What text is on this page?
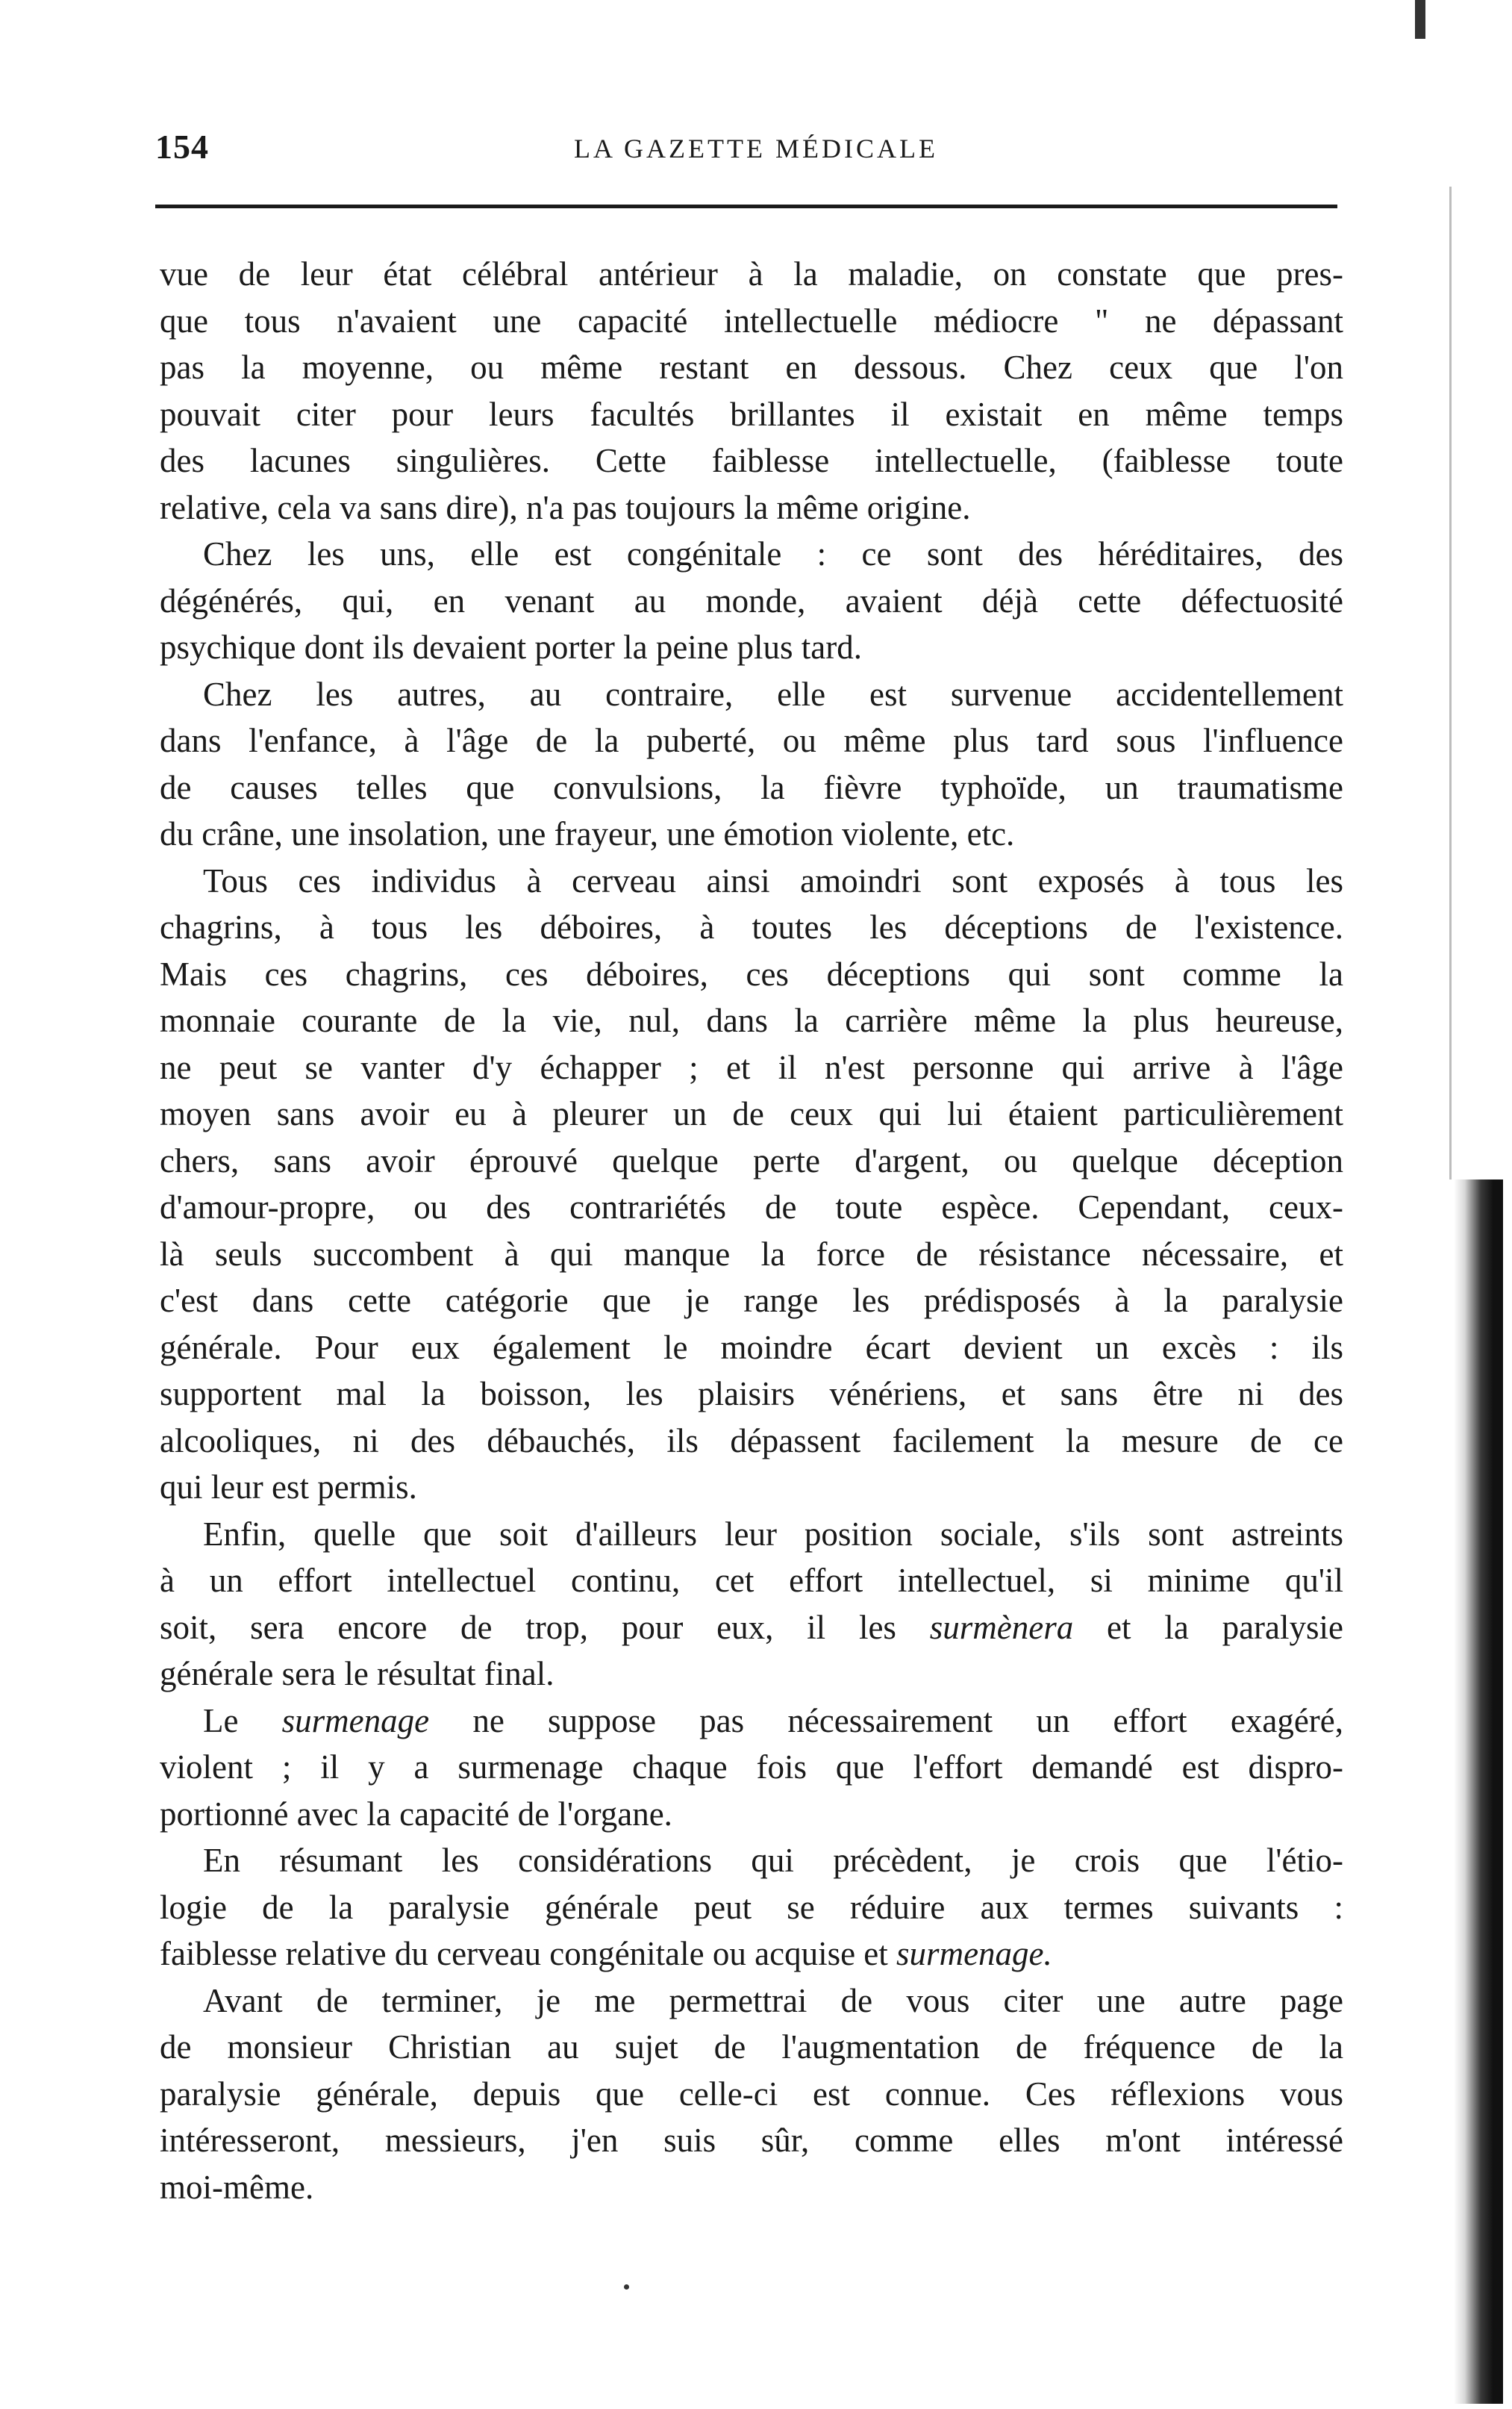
154	LA GAZETTE MÉDICALE
vue de leur état célébral antérieur à la maladie, on constate que pres-
que tous n'avaient une capacité intellectuelle médiocre " ne dépassant
pas la moyenne, ou même restant en dessous. Chez ceux que l'on
pouvait citer pour leurs facultés brillantes il existait en même temps
des lacunes singulières. Cette faiblesse intellectuelle, (faiblesse toute
relative, cela va sans dire), n'a pas toujours la même origine.
Chez les uns, elle est congénitale : ce sont des héréditaires, des
dégénérés, qui, en venant au monde, avaient déjà cette défectuosité
psychique dont ils devaient porter la peine plus tard.
Chez les autres, au contraire, elle est survenue accidentellement
dans l'enfance, à l'âge de la puberté, ou même plus tard sous l'influence
de causes telles que convulsions, la fièvre typhoïde, un traumatisme
du crâne, une insolation, une frayeur, une émotion violente, etc.
Tous ces individus à cerveau ainsi amoindri sont exposés à tous les
chagrins, à tous les déboires, à toutes les déceptions de l'existence.
Mais ces chagrins, ces déboires, ces déceptions qui sont comme la
monnaie courante de la vie, nul, dans la carrière même la plus heureuse,
ne peut se vanter d'y échapper ; et il n'est personne qui arrive à l'âge
moyen sans avoir eu à pleurer un de ceux qui lui étaient particulièrement
chers, sans avoir éprouvé quelque perte d'argent, ou quelque déception
d'amour-propre, ou des contrariétés de toute espèce. Cependant, ceux-
là seuls succombent à qui manque la force de résistance nécessaire, et
c'est dans cette catégorie que je range les prédisposés à la paralysie
générale. Pour eux également le moindre écart devient un excès : ils
supportent mal la boisson, les plaisirs vénériens, et sans être ni des
alcooliques, ni des débauchés, ils dépassent facilement la mesure de ce
qui leur est permis.
Enfin, quelle que soit d'ailleurs leur position sociale, s'ils sont astreints
à un effort intellectuel continu, cet effort intellectuel, si minime qu'il
soit, sera encore de trop, pour eux, il les surmènera et la paralysie
générale sera le résultat final.
Le surmenage ne suppose pas nécessairement un effort exagéré,
violent ; il y a surmenage chaque fois que l'effort demandé est dispro-
portionné avec la capacité de l'organe.
En résumant les considérations qui précèdent, je crois que l'étio-
logie de la paralysie générale peut se réduire aux termes suivants :
faiblesse relative du cerveau congénitale ou acquise et surmenage.
Avant de terminer, je me permettrai de vous citer une autre page
de monsieur Christian au sujet de l'augmentation de fréquence de la
paralysie générale, depuis que celle-ci est connue. Ces réflexions vous
intéresseront, messieurs, j'en suis sûr, comme elles m'ont intéressé
moi-même.
